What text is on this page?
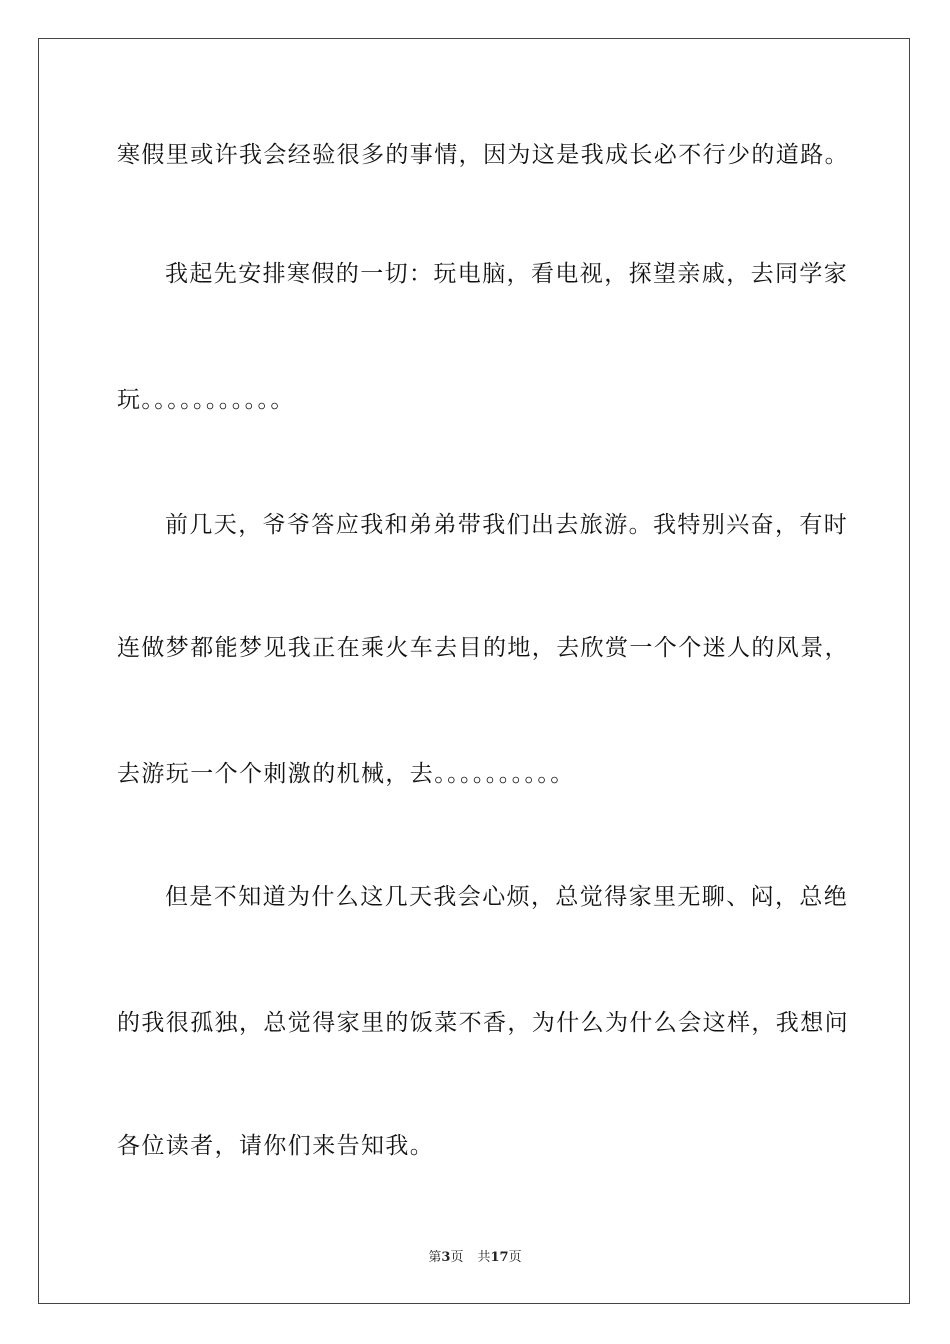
寒假里或许我会经验很多的事情，因为这是我成长必不行少的道路。
我起先安排寒假的一切：玩电脑，看电视，探望亲戚，去同学家
玩。。。。。。。。。。。
前几天，爷爷答应我和弟弟带我们出去旅游。我特别兴奋，有时
连做梦都能梦见我正在乘火车去目的地，去欣赏一个个迷人的风景，
去游玩一个个刺激的机械，去。。。。。。。。。。
但是不知道为什么这几天我会心烦，总觉得家里无聊、闷，总绝
的我很孤独，总觉得家里的饭菜不香，为什么为什么会这样，我想问
各位读者，请你们来告知我。
第3页 共17页
